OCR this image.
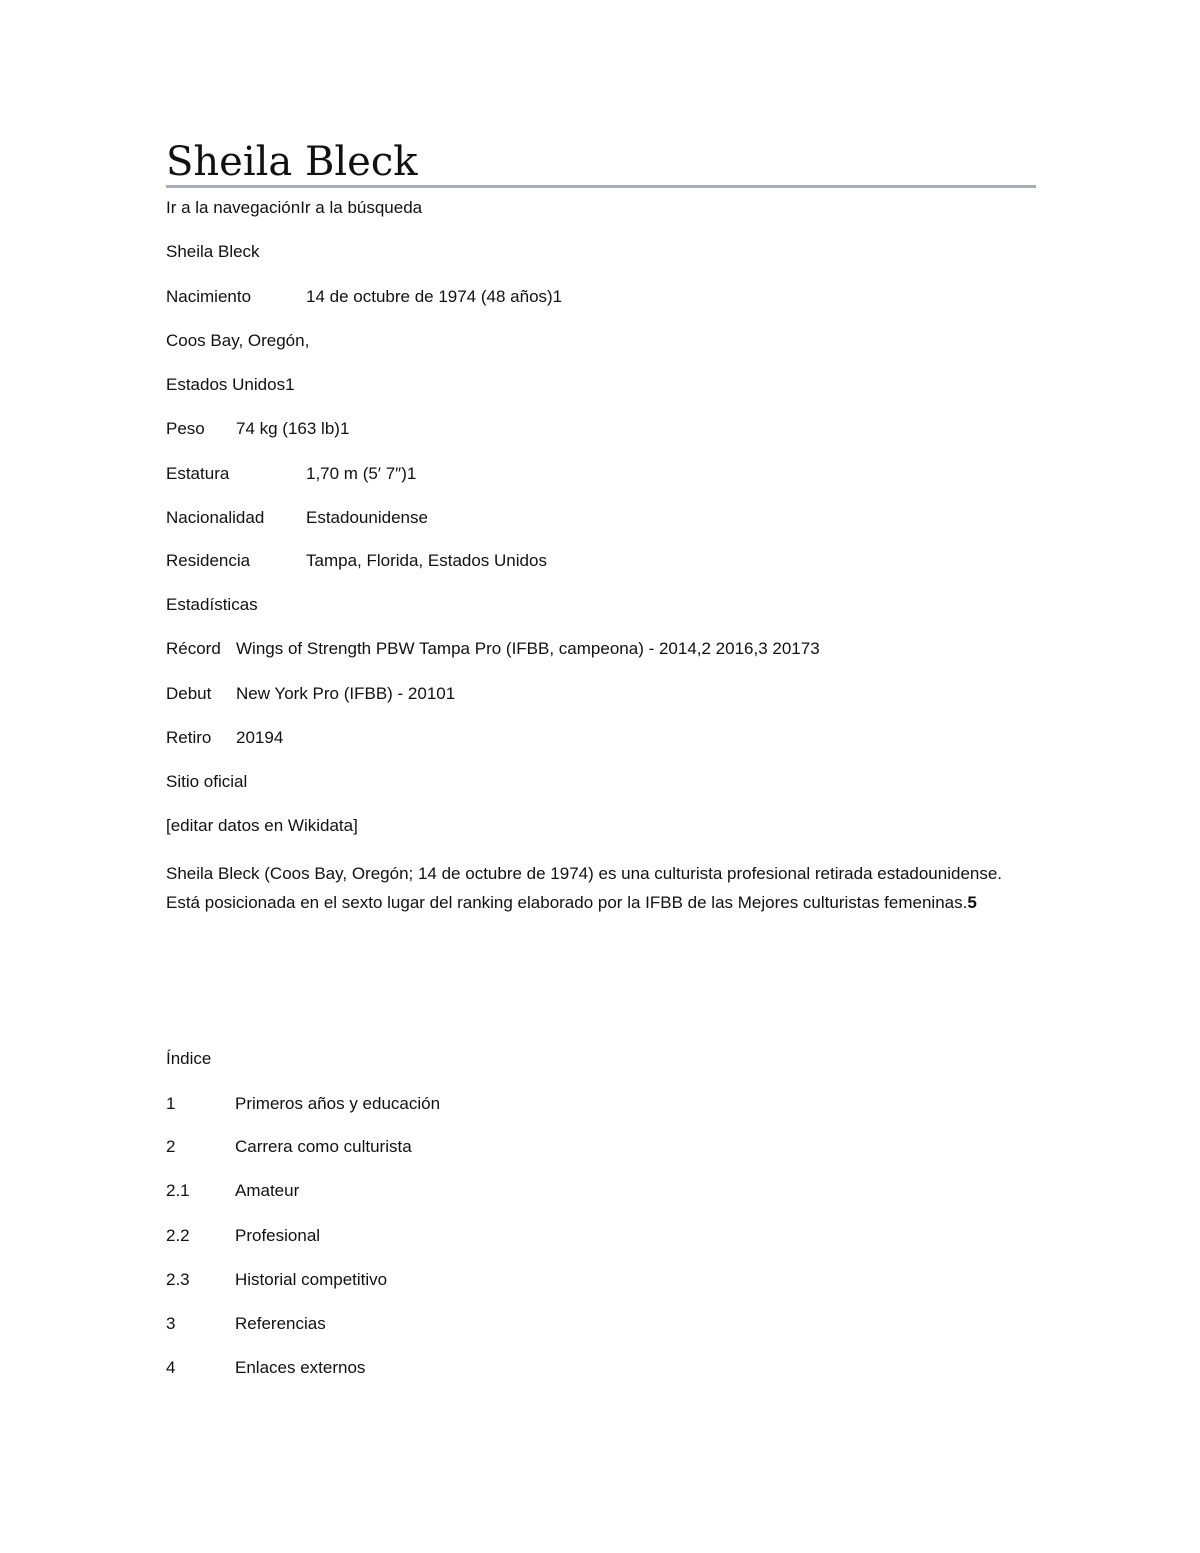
Sheila Bleck
Ir a la navegaciónIr a la búsqueda
Sheila Bleck
Nacimiento	14 de octubre de 1974 (48 años)1
Coos Bay, Oregón,
Estados Unidos1
Peso 74 kg (163 lb)1
Estatura	1,70 m (5′ 7″)1
Nacionalidad Estadounidense
Residencia	Tampa, Florida, Estados Unidos
Estadísticas
Récord Wings of Strength PBW Tampa Pro (IFBB, campeona) - 2014,2 2016,3 20173
Debut New York Pro (IFBB) - 20101
Retiro 20194
Sitio oficial
[editar datos en Wikidata]

Sheila Bleck (Coos Bay, Oregón; 14 de octubre de 1974) es una culturista profesional retirada estadounidense. Está posicionada en el sexto lugar del ranking elaborado por la IFBB de las Mejores culturistas femeninas.5

Índice
1	Primeros años y educación
2	Carrera como culturista
2.1	Amateur
2.2	Profesional
2.3	Historial competitivo
3	Referencias
4	Enlaces externos
